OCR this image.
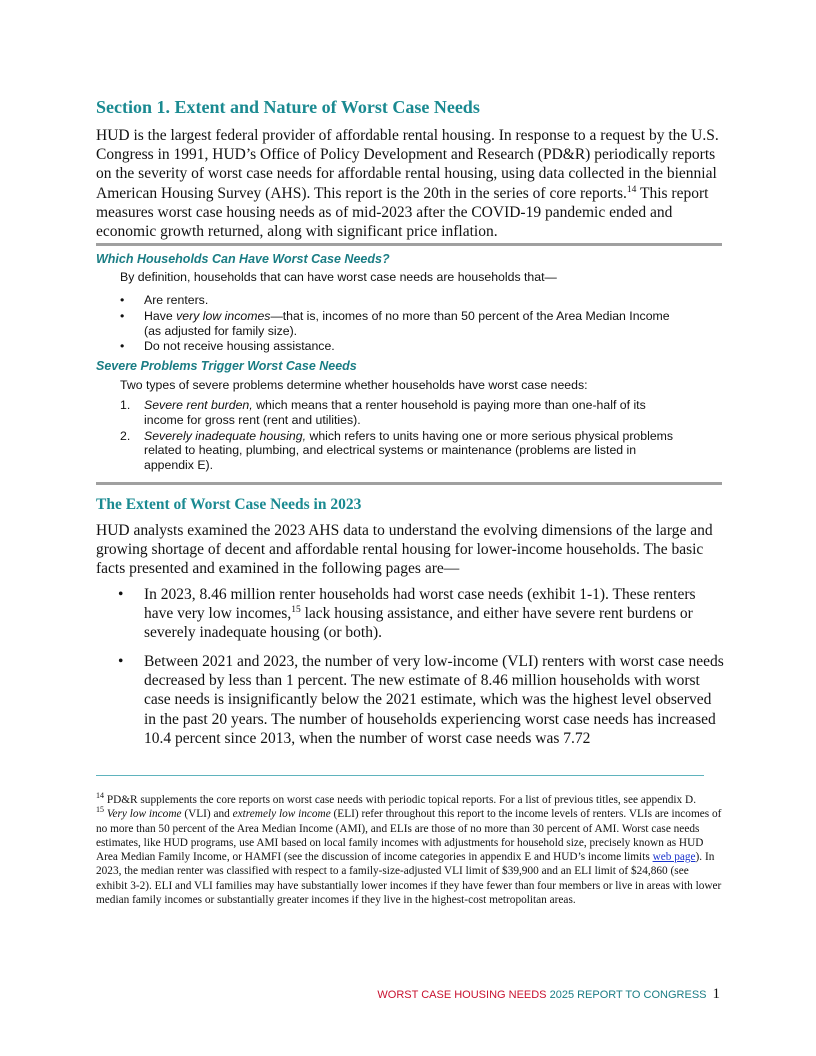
Section 1. Extent and Nature of Worst Case Needs

HUD is the largest federal provider of affordable rental housing. In response to a request by the U.S. Congress in 1991, HUD’s Office of Policy Development and Research (PD&R) periodically reports on the severity of worst case needs for affordable rental housing, using data collected in the biennial American Housing Survey (AHS). This report is the 20th in the series of core reports.$^{14}$ This report measures worst case housing needs as of mid-2023 after the COVID-19 pandemic ended and economic growth returned, along with significant price inflation.

Which Households Can Have Worst Case Needs?
By definition, households that can have worst case needs are households that—
•	Are renters.
•	Have very low incomes—that is, incomes of no more than 50 percent of the Area Median Income (as adjusted for family size).
•	Do not receive housing assistance.
Severe Problems Trigger Worst Case Needs
Two types of severe problems determine whether households have worst case needs:
1.	Severe rent burden, which means that a renter household is paying more than one-half of its income for gross rent (rent and utilities).
2.	Severely inadequate housing, which refers to units having one or more serious physical problems related to heating, plumbing, and electrical systems or maintenance (problems are listed in appendix E).
The Extent of Worst Case Needs in 2023

HUD analysts examined the 2023 AHS data to understand the evolving dimensions of the large and growing shortage of decent and affordable rental housing for lower-income households. The basic facts presented and examined in the following pages are—

• In 2023, 8.46 million renter households had worst case needs (exhibit 1-1). These renters have very low incomes,$^{15}$ lack housing assistance, and either have severe rent burdens or severely inadequate housing (or both).
• Between 2021 and 2023, the number of very low-income (VLI) renters with worst case needs decreased by less than 1 percent. The new estimate of 8.46 million households with worst case needs is insignificantly below the 2021 estimate, which was the highest level observed in the past 20 years. The number of households experiencing worst case needs has increased 10.4 percent since 2013, when the number of worst case needs was 7.72

$^{14}$ PD&R supplements the core reports on worst case needs with periodic topical reports. For a list of previous titles, see appendix D.

$^{15}$ Very low income (VLI) and extremely low income (ELI) refer throughout this report to the income levels of renters. VLIs are incomes of no more than 50 percent of the Area Median Income (AMI), and ELIs are those of no more than 30 percent of AMI. Worst case needs estimates, like HUD programs, use AMI based on local family incomes with adjustments for household size, precisely known as HUD Area Median Family Income, or HAMFI (see the discussion of income categories in appendix E and HUD’s income limits web page). In 2023, the median renter was classified with respect to a family-size-adjusted VLI limit of $39,900 and an ELI limit of $24,860 (see exhibit 3-2). ELI and VLI families may have substantially lower incomes if they have fewer than four members or live in areas with lower median family incomes or substantially greater incomes if they live in the highest-cost metropolitan areas.

WORST CASE HOUSING NEEDS 2025 REPORT TO CONGRESS 1
